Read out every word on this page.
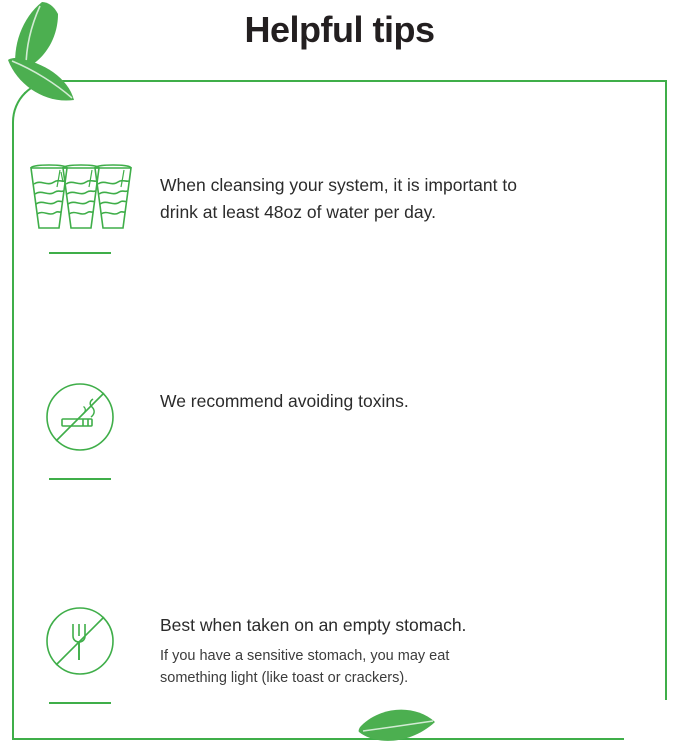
Helpful tips
When cleansing your system, it is important to drink at least 48oz of water per day.
We recommend avoiding toxins.
Best when taken on an empty stomach.
If you have a sensitive stomach, you may eat something light (like toast or crackers).
